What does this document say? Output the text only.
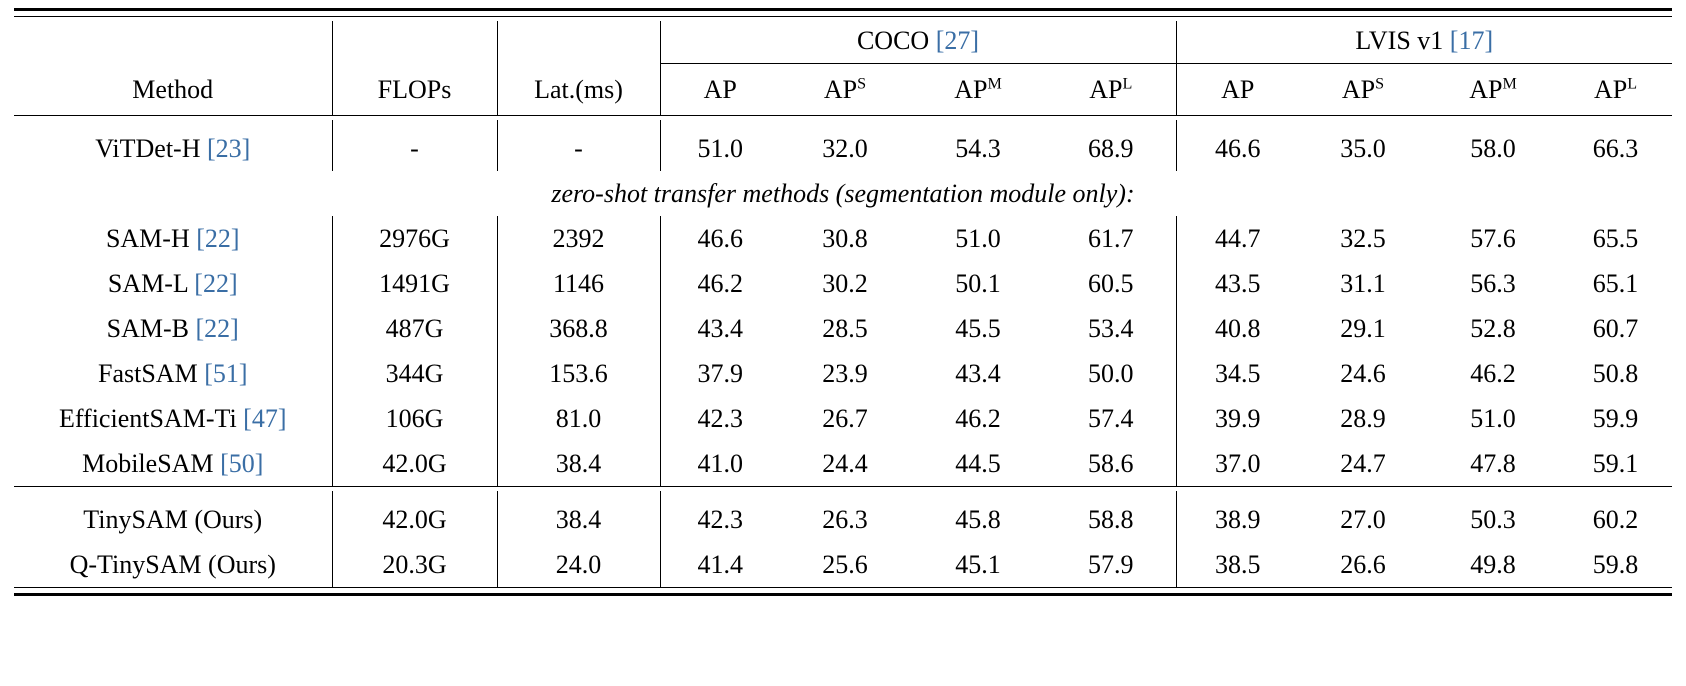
			COCO [27]				LVIS v1 [17]			

Method	FLOPs	Lat.(ms)	AP	$AP^S$	$AP^M$	$AP^L$	AP	$AP^S$	$AP^M$	$AP^L$

ViTDet-H [23]	-	-	51.0	32.0	54.3	68.9	46.6	35.0	58.0	66.3
zero-shot transfer methods (segmentation module only):										
SAM-H [22]	2976G	2392	46.6	30.8	51.0	61.7	44.7	32.5	57.6	65.5
SAM-L [22]	1491G	1146	46.2	30.2	50.1	60.5	43.5	31.1	56.3	65.1
SAM-B [22]	487G	368.8	43.4	28.5	45.5	53.4	40.8	29.1	52.8	60.7
FastSAM [51]	344G	153.6	37.9	23.9	43.4	50.0	34.5	24.6	46.2	50.8
EfficientSAM-Ti [47]	106G	81.0	42.3	26.7	46.2	57.4	39.9	28.9	51.0	59.9
MobileSAM [50]	42.0G	38.4	41.0	24.4	44.5	58.6	37.0	24.7	47.8	59.1

TinySAM (Ours)	42.0G	38.4	42.3	26.3	45.8	58.8	38.9	27.0	50.3	60.2
Q-TinySAM (Ours)	20.3G	24.0	41.4	25.6	45.1	57.9	38.5	26.6	49.8	59.8
